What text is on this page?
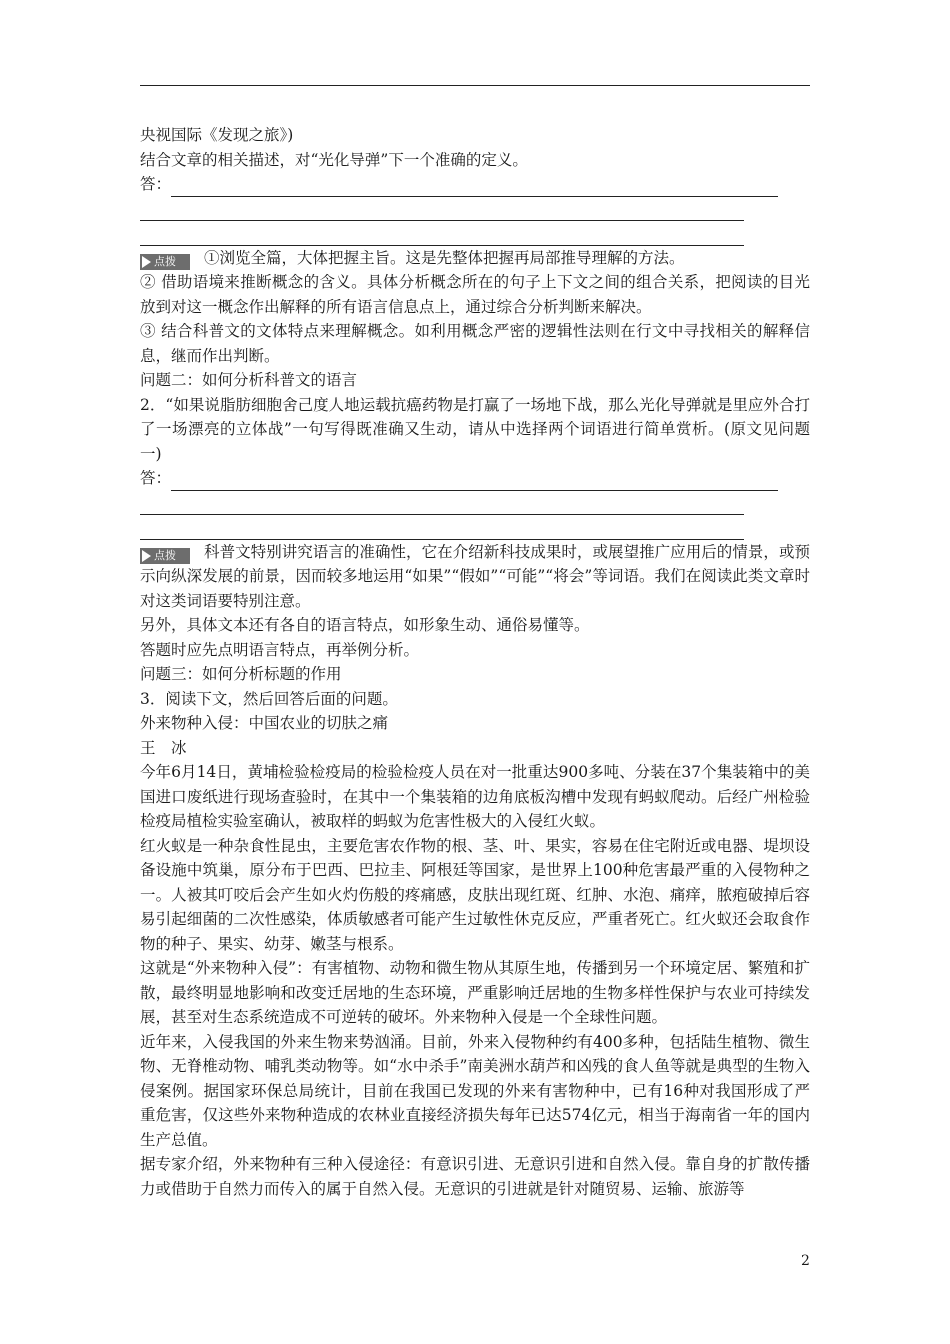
央视国际《发现之旅》)

结合文章的相关描述，对“光化导弹”下一个准确的定义。

答：

点拨 ①浏览全篇，大体把握主旨。这是先整体把握再局部推导理解的方法。

② 借助语境来推断概念的含义。具体分析概念所在的句子上下文之间的组合关系，把阅读的目光放到对这一概念作出解释的所有语言信息点上，通过综合分析判断来解决。

③ 结合科普文的文体特点来理解概念。如利用概念严密的逻辑性法则在行文中寻找相关的解释信息，继而作出判断。

问题二：如何分析科普文的语言

2．“如果说脂肪细胞舍己度人地运载抗癌药物是打赢了一场地下战，那么光化导弹就是里应外合打了一场漂亮的立体战”一句写得既准确又生动，请从中选择两个词语进行简单赏析。(原文见问题一)

答：

点拨 科普文特别讲究语言的准确性，它在介绍新科技成果时，或展望推广应用后的情景，或预示向纵深发展的前景，因而较多地运用“如果”“假如”“可能”“将会”等词语。我们在阅读此类文章时对这类词语要特别注意。

另外，具体文本还有各自的语言特点，如形象生动、通俗易懂等。

答题时应先点明语言特点，再举例分析。

问题三：如何分析标题的作用

3．阅读下文，然后回答后面的问题。

外来物种入侵：中国农业的切肤之痛

王　冰

今年6月14日，黄埔检验检疫局的检验检疫人员在对一批重达900多吨、分装在37个集装箱中的美国进口废纸进行现场查验时，在其中一个集装箱的边角底板沟槽中发现有蚂蚁爬动。后经广州检验检疫局植检实验室确认，被取样的蚂蚁为危害性极大的入侵红火蚁。

红火蚁是一种杂食性昆虫，主要危害农作物的根、茎、叶、果实，容易在住宅附近或电器、堤坝设备设施中筑巢，原分布于巴西、巴拉圭、阿根廷等国家，是世界上100种危害最严重的入侵物种之一。人被其叮咬后会产生如火灼伤般的疼痛感，皮肤出现红斑、红肿、水泡、痛痒，脓疱破掉后容易引起细菌的二次性感染，体质敏感者可能产生过敏性休克反应，严重者死亡。红火蚁还会取食作物的种子、果实、幼芽、嫩茎与根系。

这就是“外来物种入侵”：有害植物、动物和微生物从其原生地，传播到另一个环境定居、繁殖和扩散，最终明显地影响和改变迁居地的生态环境，严重影响迁居地的生物多样性保护与农业可持续发展，甚至对生态系统造成不可逆转的破坏。外来物种入侵是一个全球性问题。

近年来，入侵我国的外来生物来势汹涌。目前，外来入侵物种约有400多种，包括陆生植物、微生物、无脊椎动物、哺乳类动物等。如“水中杀手”南美洲水葫芦和凶残的食人鱼等就是典型的生物入侵案例。据国家环保总局统计，目前在我国已发现的外来有害物种中，已有16种对我国形成了严重危害，仅这些外来物种造成的农林业直接经济损失每年已达574亿元，相当于海南省一年的国内生产总值。

据专家介绍，外来物种有三种入侵途径：有意识引进、无意识引进和自然入侵。靠自身的扩散传播力或借助于自然力而传入的属于自然入侵。无意识的引进就是针对随贸易、运输、旅游等

2
